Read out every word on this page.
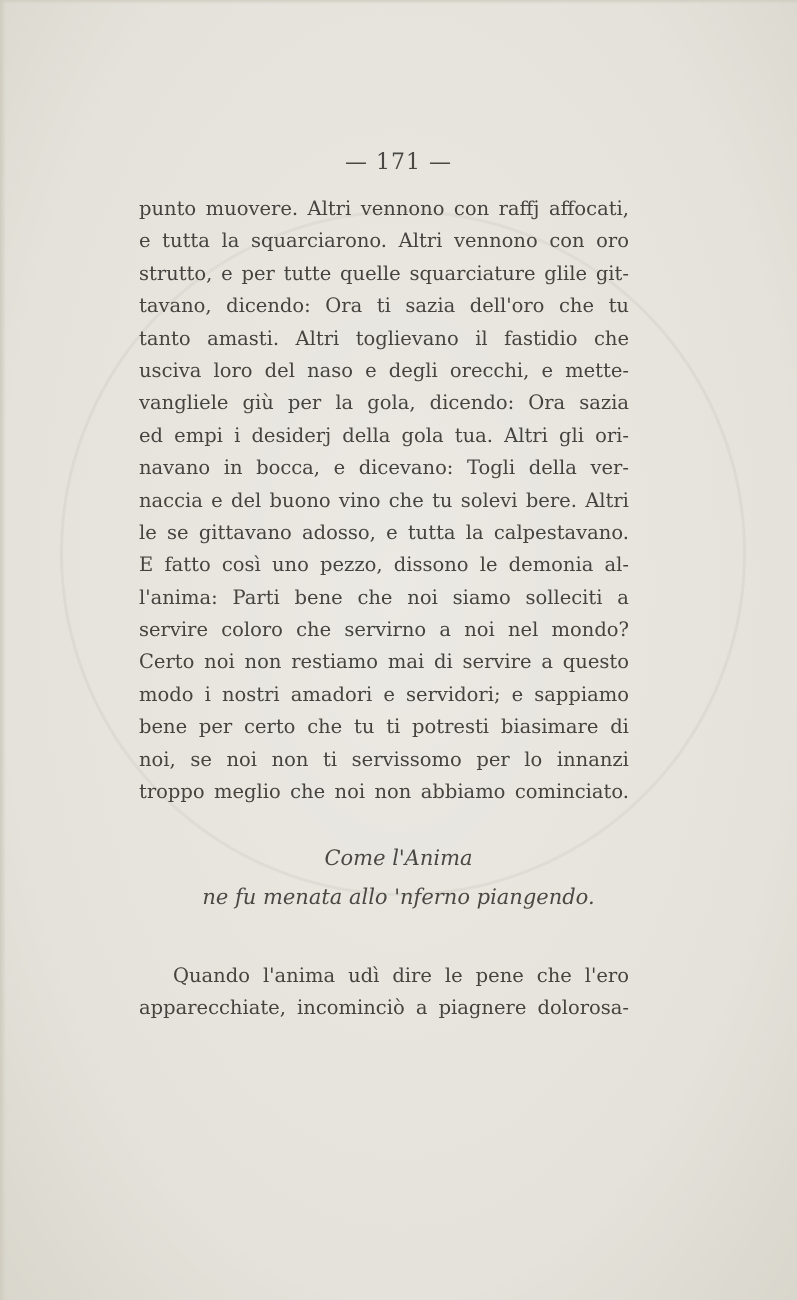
— 171 —
punto muovere. Altri vennono con raffj affocati,
e tutta la squarciarono. Altri vennono con oro
strutto, e per tutte quelle squarciature glile git-
tavano, dicendo: Ora ti sazia dell'oro che tu
tanto amasti. Altri toglievano il fastidio che
usciva loro del naso e degli orecchi, e mette-
vangliele giù per la gola, dicendo: Ora sazia
ed empi i desiderj della gola tua. Altri gli ori-
navano in bocca, e dicevano: Togli della ver-
naccia e del buono vino che tu solevi bere. Altri
le se gittavano adosso, e tutta la calpestavano.
E fatto così uno pezzo, dissono le demonia al-
l'anima: Parti bene che noi siamo solleciti a
servire coloro che servirno a noi nel mondo?
Certo noi non restiamo mai di servire a questo
modo i nostri amadori e servidori; e sappiamo
bene per certo che tu ti potresti biasimare di
noi, se noi non ti servissomo per lo innanzi
troppo meglio che noi non abbiamo cominciato.
Come l'Anima
ne fu menata allo 'nferno piangendo.
Quando l'anima udì dire le pene che l'ero
apparecchiate, incominciò a piagnere dolorosa-
